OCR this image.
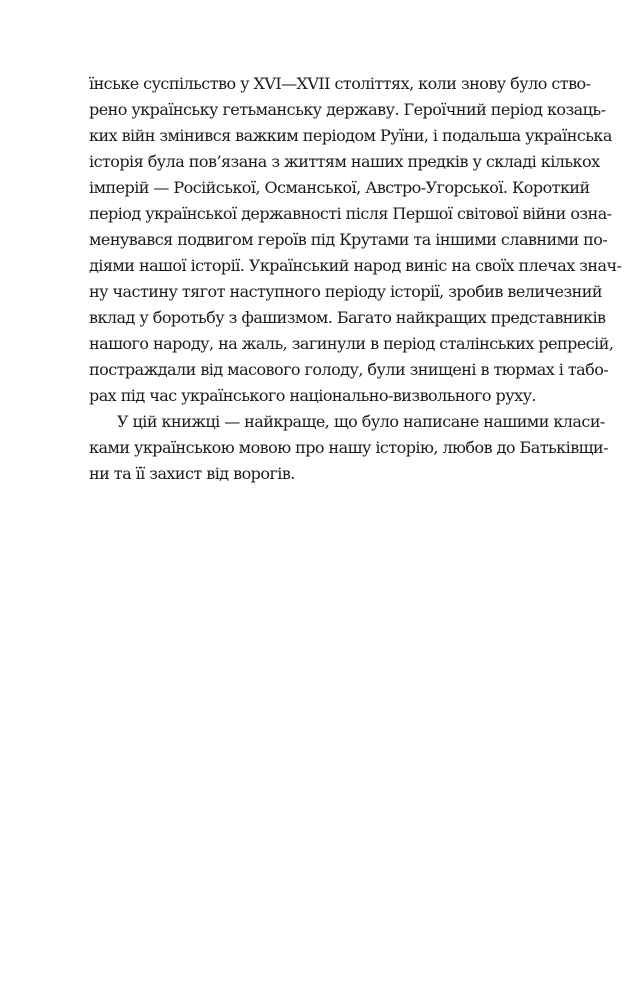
їнське суспільство у XVI—XVII століттях, коли знову було ство-
рено українську гетьманську державу. Героїчний період козаць-
ких війн змінився важким періодом Руїни, і подальша українська
історія була пов’язана з життям наших предків у складі кількох
імперій — Російської, Османської, Австро-Угорської. Короткий
період української державності після Першої світової війни озна-
менувався подвигом героїв під Крутами та іншими славними по-
діями нашої історії. Український народ виніс на своїх плечах знач-
ну частину тягот наступного періоду історії, зробив величезний
вклад у боротьбу з фашизмом. Багато найкращих представників
нашого народу, на жаль, загинули в період сталінських репресій,
постраждали від масового голоду, були знищені в тюрмах і табо-
рах під час українського національно-визвольного руху.
У цій книжці — найкраще, що було написане нашими класи-
ками українською мовою про нашу історію, любов до Батьківщи-
ни та її захист від ворогів.
